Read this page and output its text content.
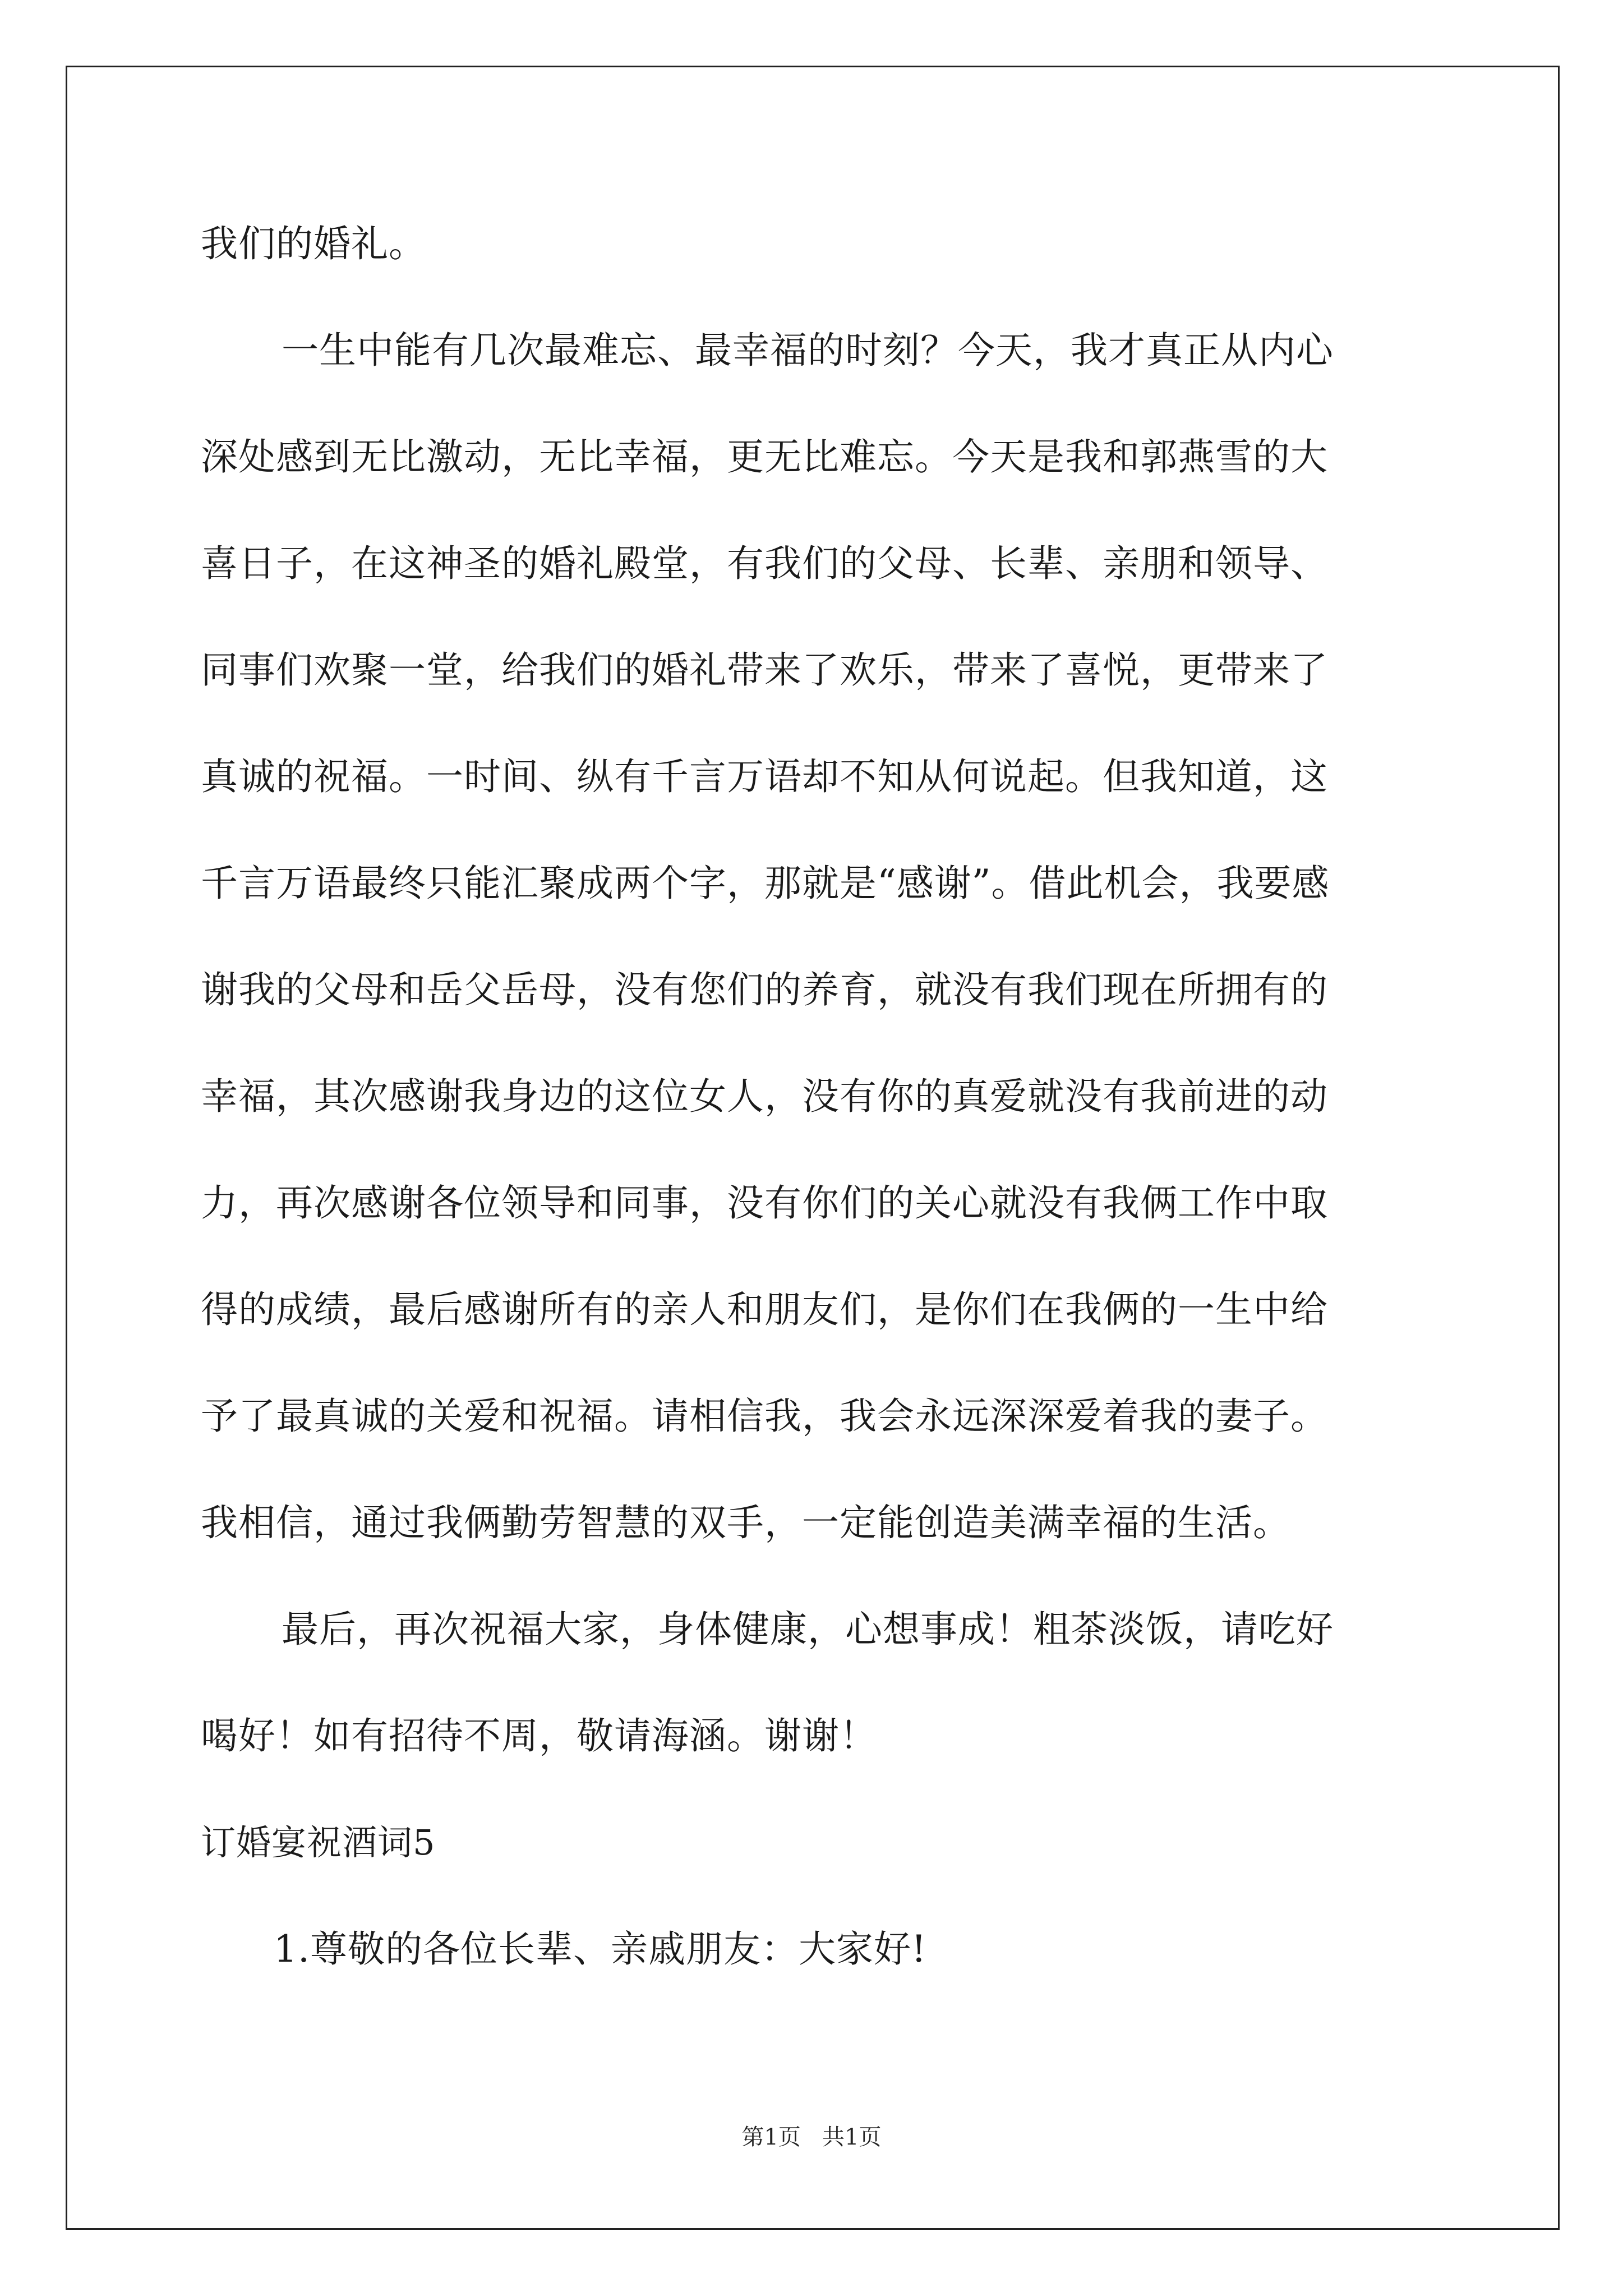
我们的婚礼。
一生中能有几次最难忘、最幸福的时刻？今天，我才真正从内心
深处感到无比激动，无比幸福，更无比难忘。今天是我和郭燕雪的大
喜日子，在这神圣的婚礼殿堂，有我们的父母、长辈、亲朋和领导、
同事们欢聚一堂，给我们的婚礼带来了欢乐，带来了喜悦，更带来了
真诚的祝福。一时间、纵有千言万语却不知从何说起。但我知道，这
千言万语最终只能汇聚成两个字，那就是“感谢”。借此机会，我要感
谢我的父母和岳父岳母，没有您们的养育，就没有我们现在所拥有的
幸福，其次感谢我身边的这位女人，没有你的真爱就没有我前进的动
力，再次感谢各位领导和同事，没有你们的关心就没有我俩工作中取
得的成绩，最后感谢所有的亲人和朋友们，是你们在我俩的一生中给
予了最真诚的关爱和祝福。请相信我，我会永远深深爱着我的妻子。
我相信，通过我俩勤劳智慧的双手，一定能创造美满幸福的生活。
最后，再次祝福大家，身体健康，心想事成！粗茶淡饭，请吃好
喝好！如有招待不周，敬请海涵。谢谢！
订婚宴祝酒词5
1.尊敬的各位长辈、亲戚朋友：大家好!
第1页   共1页
